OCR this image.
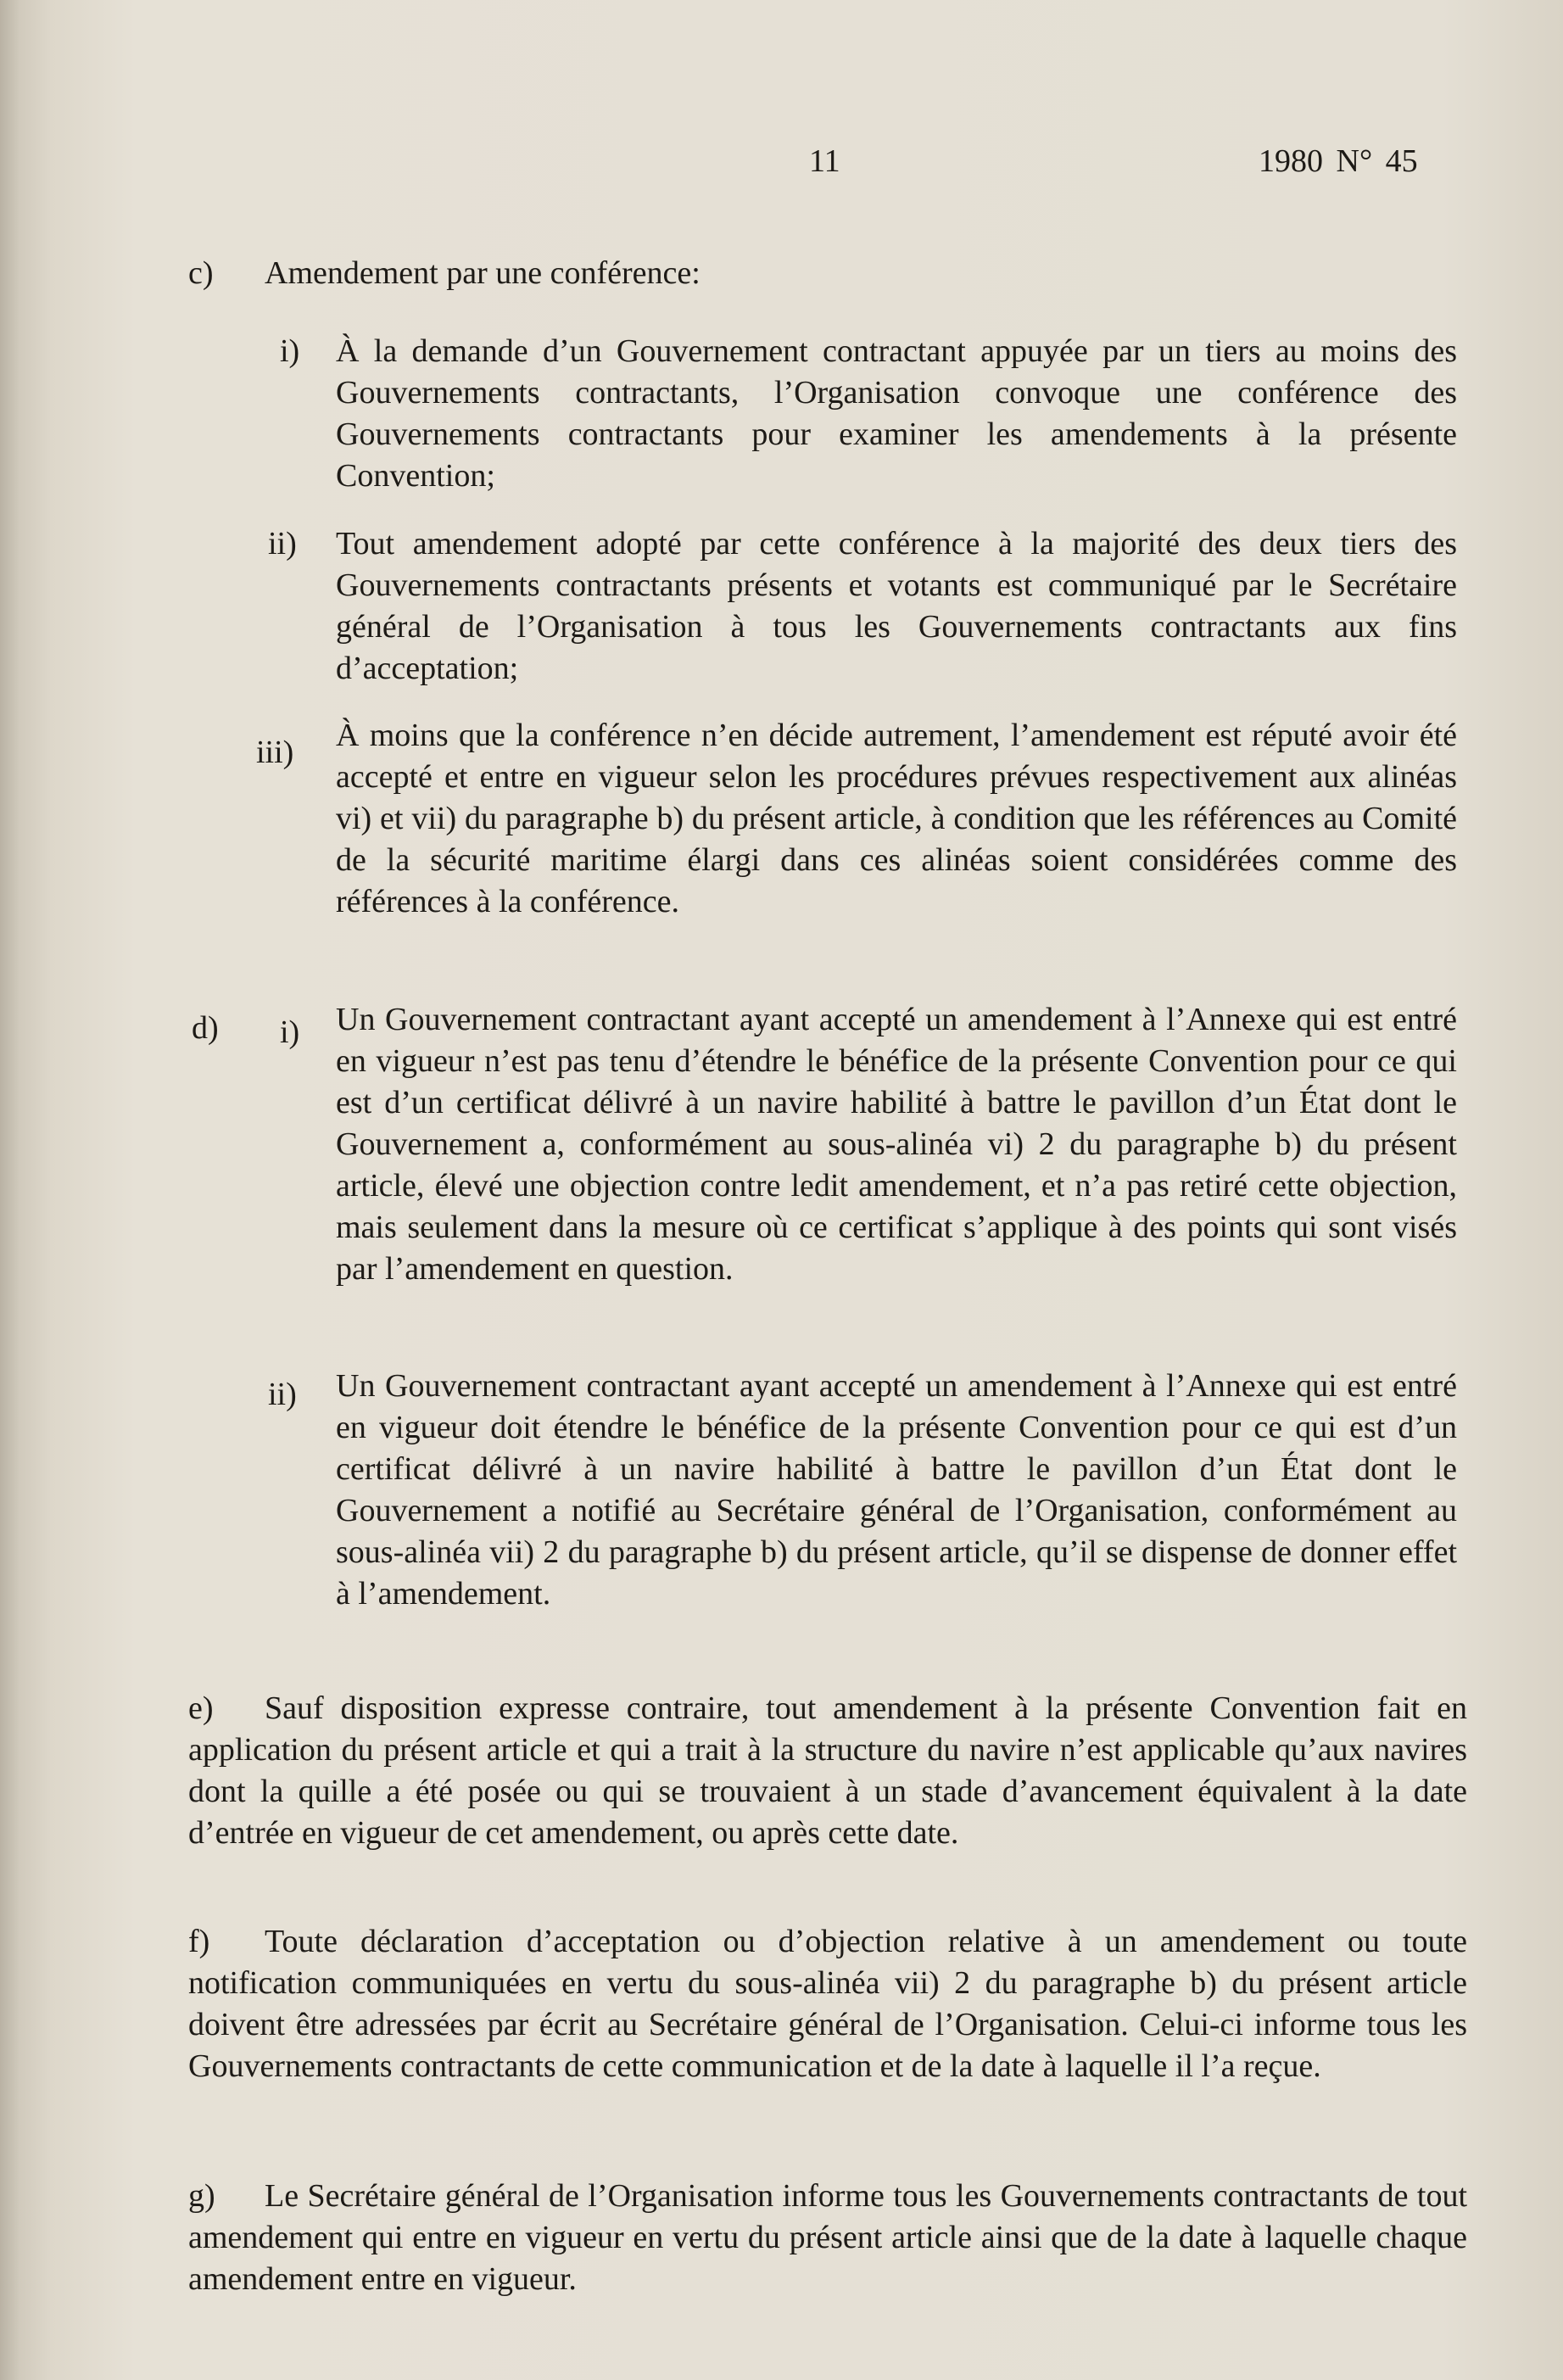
11	1980 N° 45
c) Amendement par une conférence:
i) À la demande d’un Gouvernement contractant appuyée par un tiers au moins des Gouvernements contractants, l’Organisation convoque une conférence des Gouvernements contractants pour examiner les amendements à la présente Convention;
ii) Tout amendement adopté par cette conférence à la majorité des deux tiers des Gouvernements contractants présents et votants est communiqué par le Secrétaire général de l’Organisation à tous les Gouvernements contractants aux fins d’acceptation;
iii) À moins que la conférence n’en décide autrement, l’amendement est réputé avoir été accepté et entre en vigueur selon les procédures prévues respectivement aux alinéas vi) et vii) du paragraphe b) du présent article, à condition que les références au Comité de la sécurité maritime élargi dans ces alinéas soient considérées comme des références à la conférence.
d) i) Un Gouvernement contractant ayant accepté un amendement à l’Annexe qui est entré en vigueur n’est pas tenu d’étendre le bénéfice de la présente Convention pour ce qui est d’un certificat délivré à un navire habilité à battre le pavillon d’un État dont le Gouvernement a, conformément au sous-alinéa vi) 2 du paragraphe b) du présent article, élevé une objection contre ledit amendement, et n’a pas retiré cette objection, mais seulement dans la mesure où ce certificat s’applique à des points qui sont visés par l’amendement en question.
ii) Un Gouvernement contractant ayant accepté un amendement à l’Annexe qui est entré en vigueur doit étendre le bénéfice de la présente Convention pour ce qui est d’un certificat délivré à un navire habilité à battre le pavillon d’un État dont le Gouvernement a notifié au Secrétaire général de l’Organisation, conformément au sous-alinéa vii) 2 du paragraphe b) du présent article, qu’il se dispense de donner effet à l’amendement.
e) Sauf disposition expresse contraire, tout amendement à la présente Convention fait en application du présent article et qui a trait à la structure du navire n’est applicable qu’aux navires dont la quille a été posée ou qui se trouvaient à un stade d’avancement équivalent à la date d’entrée en vigueur de cet amendement, ou après cette date.
f) Toute déclaration d’acceptation ou d’objection relative à un amendement ou toute notification communiquées en vertu du sous-alinéa vii) 2 du paragraphe b) du présent article doivent être adressées par écrit au Secrétaire général de l’Organisation. Celui-ci informe tous les Gouvernements contractants de cette communication et de la date à laquelle il l’a reçue.
g) Le Secrétaire général de l’Organisation informe tous les Gouvernements contractants de tout amendement qui entre en vigueur en vertu du présent article ainsi que de la date à laquelle chaque amendement entre en vigueur.
